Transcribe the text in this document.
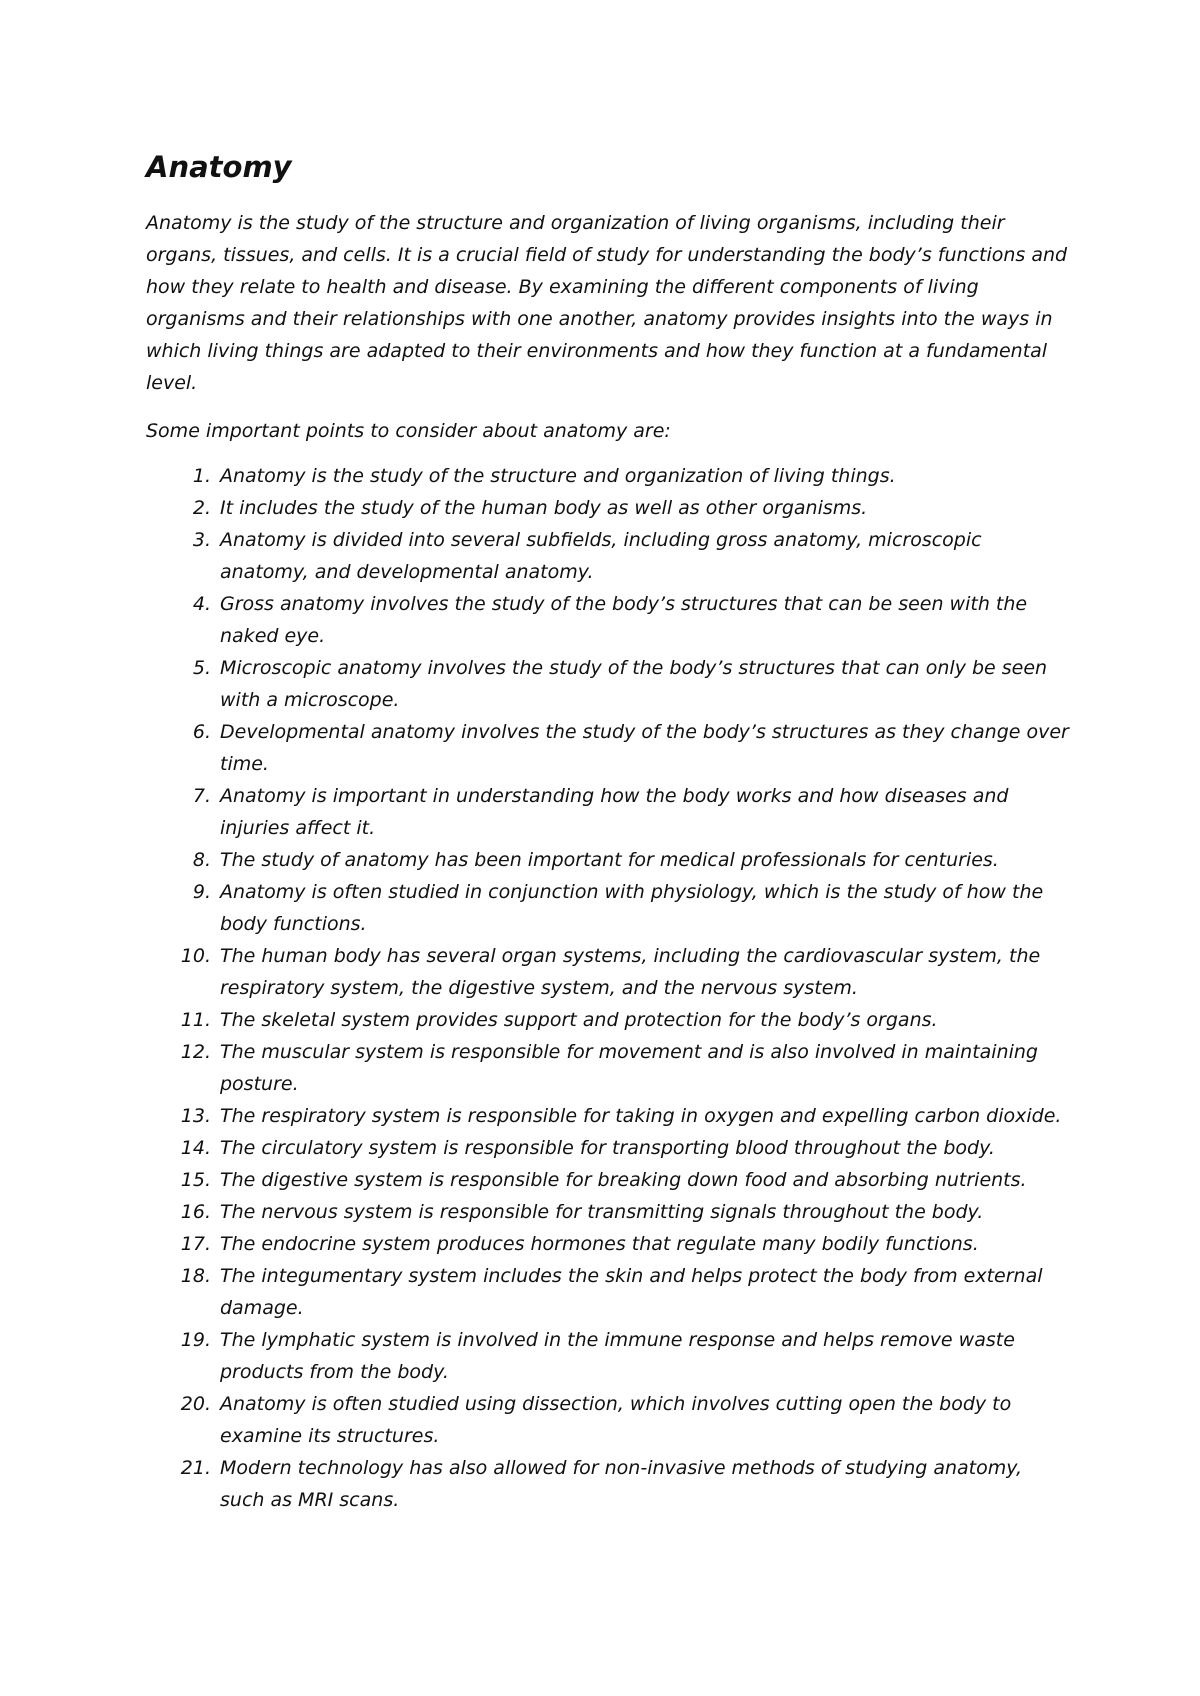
Anatomy

Anatomy is the study of the structure and organization of living organisms, including their organs, tissues, and cells. It is a crucial field of study for understanding the body’s functions and how they relate to health and disease. By examining the different components of living organisms and their relationships with one another, anatomy provides insights into the ways in which living things are adapted to their environments and how they function at a fundamental level.

Some important points to consider about anatomy are:

1. Anatomy is the study of the structure and organization of living things.
2. It includes the study of the human body as well as other organisms.
3. Anatomy is divided into several subfields, including gross anatomy, microscopic anatomy, and developmental anatomy.
4. Gross anatomy involves the study of the body’s structures that can be seen with the naked eye.
5. Microscopic anatomy involves the study of the body’s structures that can only be seen with a microscope.
6. Developmental anatomy involves the study of the body’s structures as they change over time.
7. Anatomy is important in understanding how the body works and how diseases and injuries affect it.
8. The study of anatomy has been important for medical professionals for centuries.
9. Anatomy is often studied in conjunction with physiology, which is the study of how the body functions.
10. The human body has several organ systems, including the cardiovascular system, the respiratory system, the digestive system, and the nervous system.
11. The skeletal system provides support and protection for the body’s organs.
12. The muscular system is responsible for movement and is also involved in maintaining posture.
13. The respiratory system is responsible for taking in oxygen and expelling carbon dioxide.
14. The circulatory system is responsible for transporting blood throughout the body.
15. The digestive system is responsible for breaking down food and absorbing nutrients.
16. The nervous system is responsible for transmitting signals throughout the body.
17. The endocrine system produces hormones that regulate many bodily functions.
18. The integumentary system includes the skin and helps protect the body from external damage.
19. The lymphatic system is involved in the immune response and helps remove waste products from the body.
20. Anatomy is often studied using dissection, which involves cutting open the body to examine its structures.
21. Modern technology has also allowed for non-invasive methods of studying anatomy, such as MRI scans.
